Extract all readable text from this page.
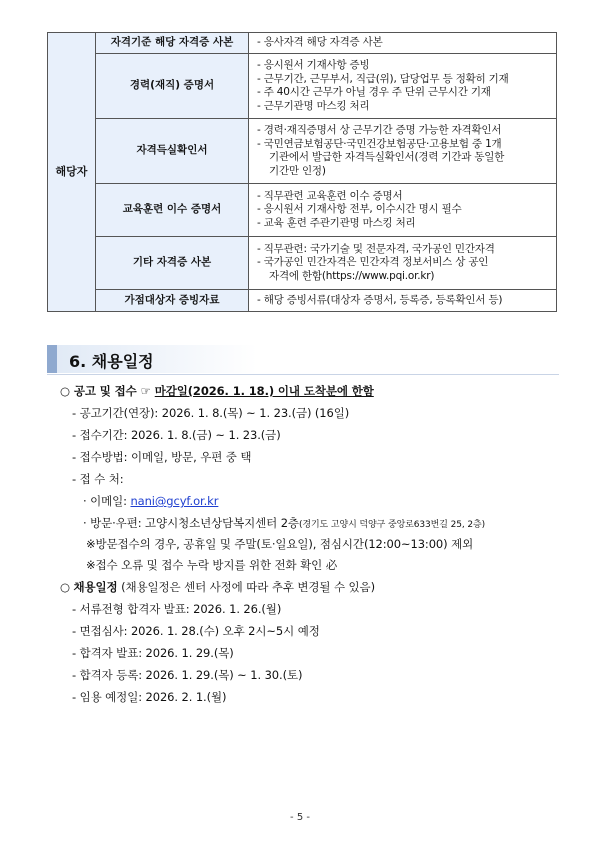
해당자	자격기준 해당 자격증 사본	- 응사자격 해당 자격증 사본

	경력(재직) 증명서	- 응시원서 기재사항 증빙
- 근무기간, 근무부서, 직급(위), 담당업무 등 정확히 기재
- 주 40시간 근무가 아닐 경우 주 단위 근무시간 기재
- 근무기관명 마스킹 처리

	자격득실확인서	- 경력·재직증명서 상 근무기간 증명 가능한 자격확인서
- 국민연금보험공단·국민건강보험공단·고용보험 중 1개
기관에서 발급한 자격득실확인서(경력 기간과 동일한
기간만 인정)

	교육훈련 이수 증명서	- 직무관련 교육훈련 이수 증명서
- 응시원서 기재사항 전부, 이수시간 명시 필수
- 교육 훈련 주관기관명 마스킹 처리

	기타 자격증 사본	- 직무관련: 국가기술 및 전문자격, 국가공인 민간자격
- 국가공인 민간자격은 민간자격 정보서비스 상 공인
자격에 한함(https://www.pqi.or.kr)

	가점대상자 증빙자료	- 해당 증빙서류(대상자 증명서, 등록증, 등록확인서 등)
6. 채용일정
○ 공고 및 접수 ☞ 마감일(2026. 1. 18.) 이내 도착분에 한함
- 공고기간(연장): 2026. 1. 8.(목) ~ 1. 23.(금) (16일)
- 접수기간: 2026. 1. 8.(금) ~ 1. 23.(금)
- 접수방법: 이메일, 방문, 우편 중 택
- 접 수 처:
· 이메일: nani@gcyf.or.kr
· 방문·우편: 고양시청소년상담복지센터 2층(경기도 고양시 덕양구 중앙로633번길 25, 2층)
※방문접수의 경우, 공휴일 및 주말(토·일요일), 점심시간(12:00~13:00) 제외
※접수 오류 및 접수 누락 방지를 위한 전화 확인 必
○ 채용일정 (채용일정은 센터 사정에 따라 추후 변경될 수 있음)
- 서류전형 합격자 발표: 2026. 1. 26.(월)
- 면접심사: 2026. 1. 28.(수) 오후 2시~5시 예정
- 합격자 발표: 2026. 1. 29.(목)
- 합격자 등록: 2026. 1. 29.(목) ~ 1. 30.(토)
- 임용 예정일: 2026. 2. 1.(월)
- 5 -
